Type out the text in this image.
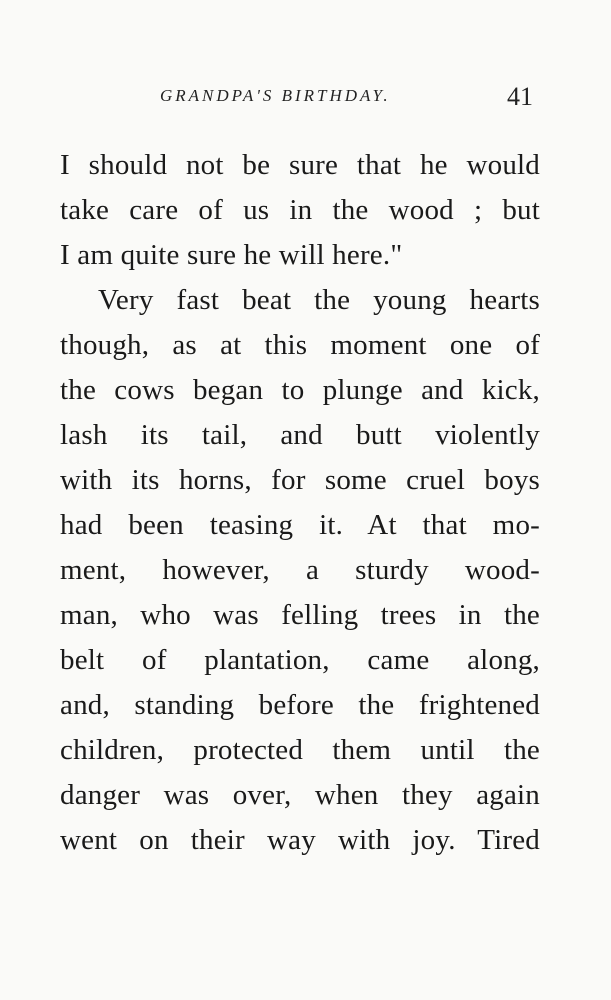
GRANDPA'S BIRTHDAY.	41
I should not be sure that he would
take care of us in the wood ; but
I am quite sure he will here."
Very fast beat the young hearts
though, as at this moment one of
the cows began to plunge and kick,
lash its tail, and butt violently
with its horns, for some cruel boys
had been teasing it. At that mo-
ment, however, a sturdy wood-
man, who was felling trees in the
belt of plantation, came along,
and, standing before the frightened
children, protected them until the
danger was over, when they again
went on their way with joy. Tired
